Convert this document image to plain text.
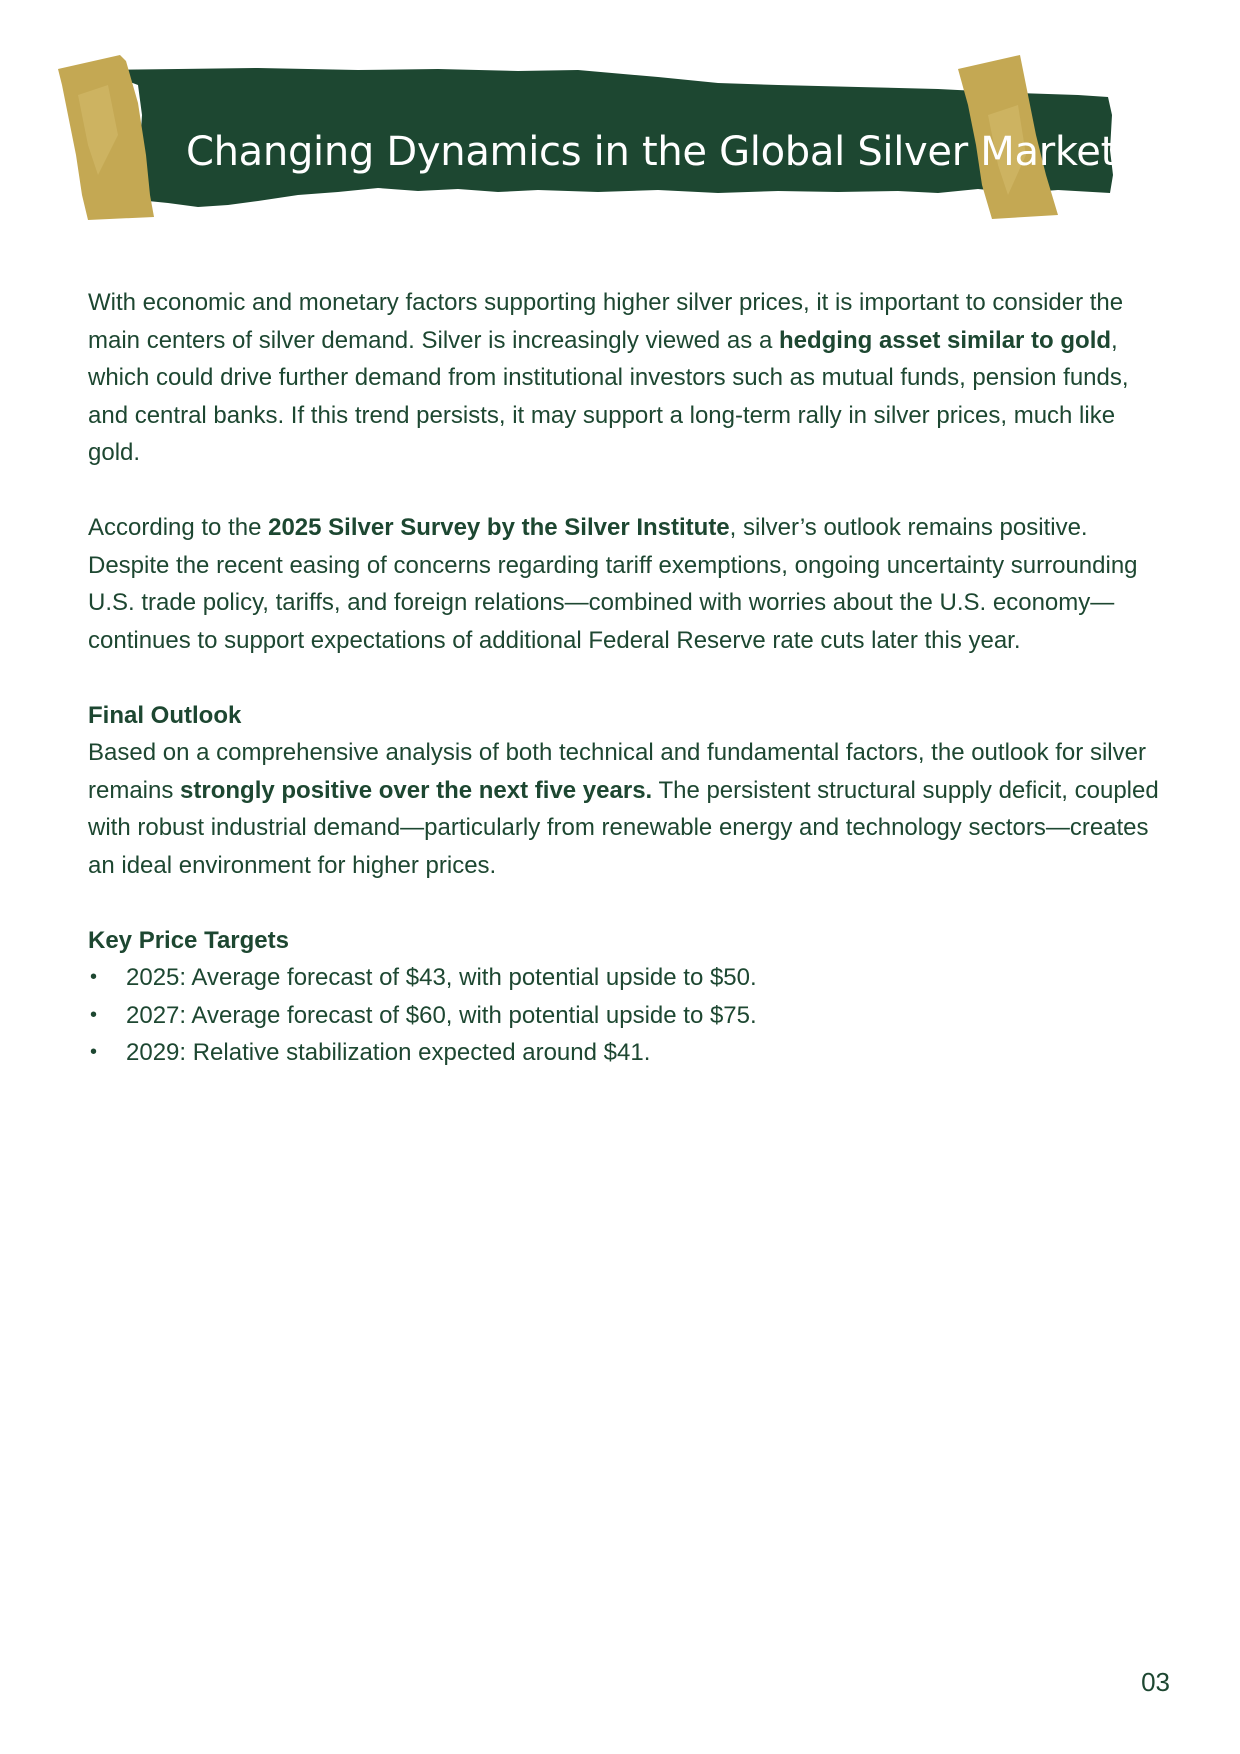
Changing Dynamics in the Global Silver Market

With economic and monetary factors supporting higher silver prices, it is important to consider the main centers of silver demand. Silver is increasingly viewed as a hedging asset similar to gold, which could drive further demand from institutional investors such as mutual funds, pension funds, and central banks. If this trend persists, it may support a long-term rally in silver prices, much like gold.

According to the 2025 Silver Survey by the Silver Institute, silver’s outlook remains positive. Despite the recent easing of concerns regarding tariff exemptions, ongoing uncertainty surrounding U.S. trade policy, tariffs, and foreign relations—combined with worries about the U.S. economy—continues to support expectations of additional Federal Reserve rate cuts later this year.

Final Outlook

Based on a comprehensive analysis of both technical and fundamental factors, the outlook for silver remains strongly positive over the next five years. The persistent structural supply deficit, coupled with robust industrial demand—particularly from renewable energy and technology sectors—creates an ideal environment for higher prices.

Key Price Targets
• 2025: Average forecast of $43, with potential upside to $50.
• 2027: Average forecast of $60, with potential upside to $75.
• 2029: Relative stabilization expected around $41.
03
